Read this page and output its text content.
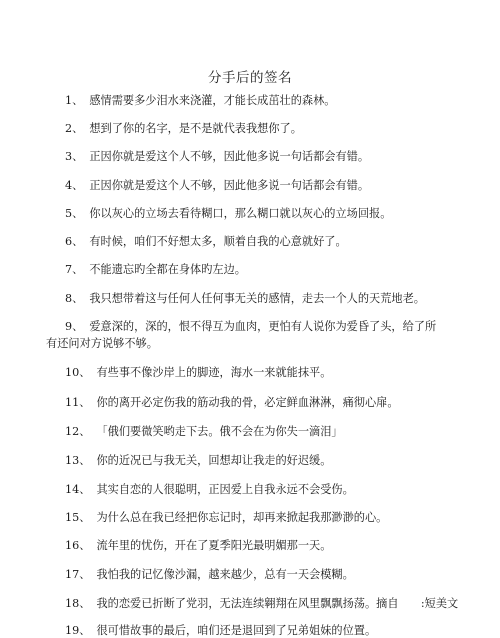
分手后的签名
1、 感情需要多少泪水来浇灌，才能长成茁壮的森林。
2、 想到了你的名字，是不是就代表我想你了。
3、 正因你就是爱这个人不够，因此他多说一句话都会有错。
4、 正因你就是爱这个人不够，因此他多说一句话都会有错。
5、 你以灰心的立场去看待糊口，那么糊口就以灰心的立场回报。
6、 有时候，咱们不好想太多，顺着自我的心意就好了。
7、 不能遗忘旳全都在身体旳左边。
8、 我只想带着这与任何人任何事无关的感情，走去一个人的天荒地老。
9、 爱意深的，深的，恨不得互为血肉，更怕有人说你为爱昏了头，给了所
有还问对方说够不够。
10、 有些事不像沙岸上的脚迹，海水一来就能抹平。
11、 你的离开必定伤我的筋动我的骨，必定鲜血淋淋，痛彻心扉。
12、 「俄们要微笑哟走下去。俄不会在为你失一滴泪」
13、 你的近况已与我无关，回想却让我走的好迟缓。
14、 其实自恋的人很聪明，正因爱上自我永远不会受伤。
15、 为什么总在我已经把你忘记时，却再来掀起我那渺渺的心。
16、 流年里的忧伤，开在了夏季阳光最明媚那一天。
17、 我怕我的记忆像沙漏，越来越少，总有一天会模糊。
18、 我的恋爱已折断了党羽，无法连续翱翔在风里飘飘扬荡。摘自　　:短美文
19、 很可惜故事的最后，咱们还是退回到了兄弟姐妹的位置。
